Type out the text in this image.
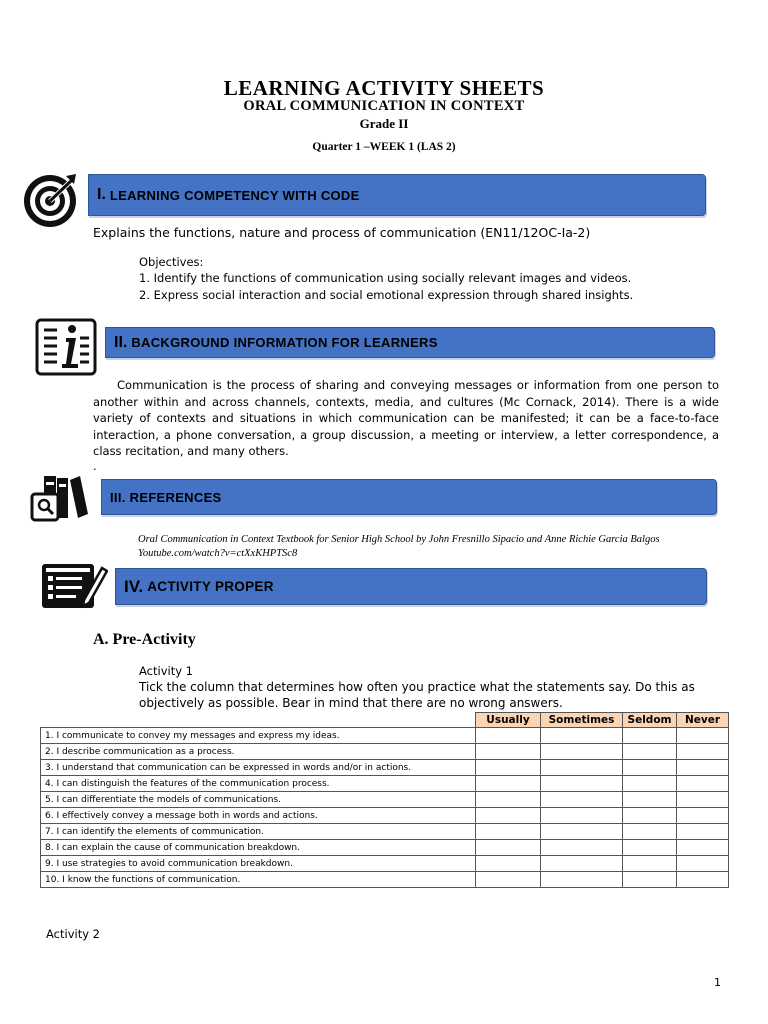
LEARNING ACTIVITY SHEETS
ORAL COMMUNICATION IN CONTEXT
Grade II
Quarter 1 –WEEK 1 (LAS 2)
I. LEARNING COMPETENCY WITH CODE
Explains the functions, nature and process of communication (EN11/12OC-Ia-2)
Objectives:
1. Identify the functions of communication using socially relevant images and videos.
2. Express social interaction and social emotional expression through shared insights.
II. BACKGROUND INFORMATION FOR LEARNERS
Communication is the process of sharing and conveying messages or information from one person to another within and across channels, contexts, media, and cultures (Mc Cornack, 2014). There is a wide variety of contexts and situations in which communication can be manifested; it can be a face-to-face interaction, a phone conversation, a group discussion, a meeting or interview, a letter correspondence, a class recitation, and many others.
.
III. REFERENCES
Oral Communication in Context Textbook for Senior High School by John Fresnillo Sipacio and Anne Richie Garcia Balgos
Youtube.com/watch?v=ctXxKHPTSc8
IV. ACTIVITY PROPER
A. Pre-Activity
Activity 1
Tick the column that determines how often you practice what the statements say. Do this as objectively as possible. Bear in mind that there are no wrong answers.
	Usually	Sometimes	Seldom	Never
1. I communicate to convey my messages and express my ideas.				
2. I describe communication as a process.				
3. I understand that communication can be expressed in words and/or in actions.				
4. I can distinguish the features of the communication process.				
5. I can differentiate the models of communications.				
6. I effectively convey a message both in words and actions.				
7. I can identify the elements of communication.				
8. I can explain the cause of communication breakdown.				
9. I use strategies to avoid communication breakdown.				
10. I know the functions of communication.				
Activity 2
1
